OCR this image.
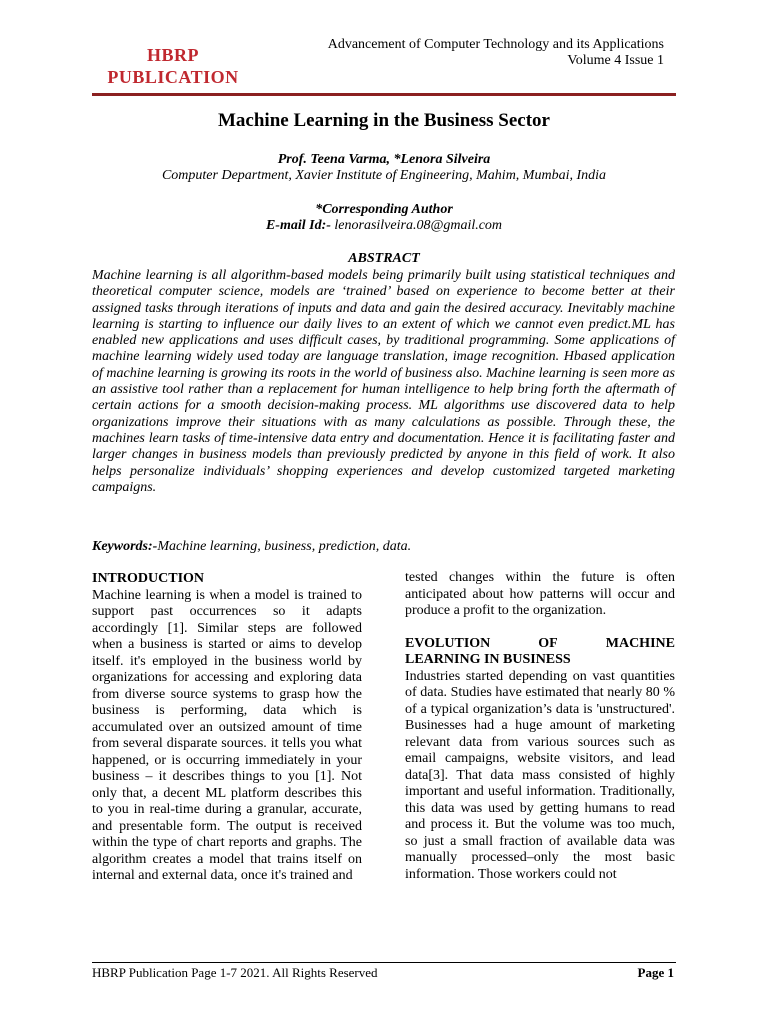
HBRP
PUBLICATION
Advancement of Computer Technology and its Applications
Volume 4 Issue 1
Machine Learning in the Business Sector
Prof. Teena Varma, *Lenora Silveira
Computer Department, Xavier Institute of Engineering, Mahim, Mumbai, India
*Corresponding Author
E-mail Id:- lenorasilveira.08@gmail.com
ABSTRACT

Machine learning is all algorithm-based models being primarily built using statistical techniques and theoretical computer science, models are ‘trained’ based on experience to become better at their assigned tasks through iterations of inputs and data and gain the desired accuracy. Inevitably machine learning is starting to influence our daily lives to an extent of which we cannot even predict.ML has enabled new applications and uses difficult cases, by traditional programming. Some applications of machine learning widely used today are language translation, image recognition. Hbased application of machine learning is growing its roots in the world of business also. Machine learning is seen more as an assistive tool rather than a replacement for human intelligence to help bring forth the aftermath of certain actions for a smooth decision-making process. ML algorithms use discovered data to help organizations improve their situations with as many calculations as possible. Through these, the machines learn tasks of time-intensive data entry and documentation. Hence it is facilitating faster and larger changes in business models than previously predicted by anyone in this field of work. It also helps personalize individuals’ shopping experiences and develop customized targeted marketing campaigns.

Keywords:-Machine learning, business, prediction, data.

INTRODUCTION

Machine learning is when a model is trained to support past occurrences so it adapts accordingly [1]. Similar steps are followed when a business is started or aims to develop itself. it's employed in the business world by organizations for accessing and exploring data from diverse source systems to grasp how the business is performing, data which is accumulated over an outsized amount of time from several disparate sources. it tells you what happened, or is occurring immediately in your business – it describes things to you [1]. Not only that, a decent ML platform describes this to you in real-time during a granular, accurate, and presentable form. The output is received within the type of chart reports and graphs. The algorithm creates a model that trains itself on internal and external data, once it's trained and

tested changes within the future is often anticipated about how patterns will occur and produce a profit to the organization.

EVOLUTION	OF	MACHINE
LEARNING IN BUSINESS

Industries started depending on vast quantities of data. Studies have estimated that nearly 80 % of a typical organization’s data is 'unstructured'. Businesses had a huge amount of marketing relevant data from various sources such as email campaigns, website visitors, and lead data[3]. That data mass consisted of highly important and useful information. Traditionally, this data was used by getting humans to read and process it. But the volume was too much, so just a small fraction of available data was manually processed–only the most basic information. Those workers could not

HBRP Publication Page 1-7 2021. All Rights Reserved	Page 1
